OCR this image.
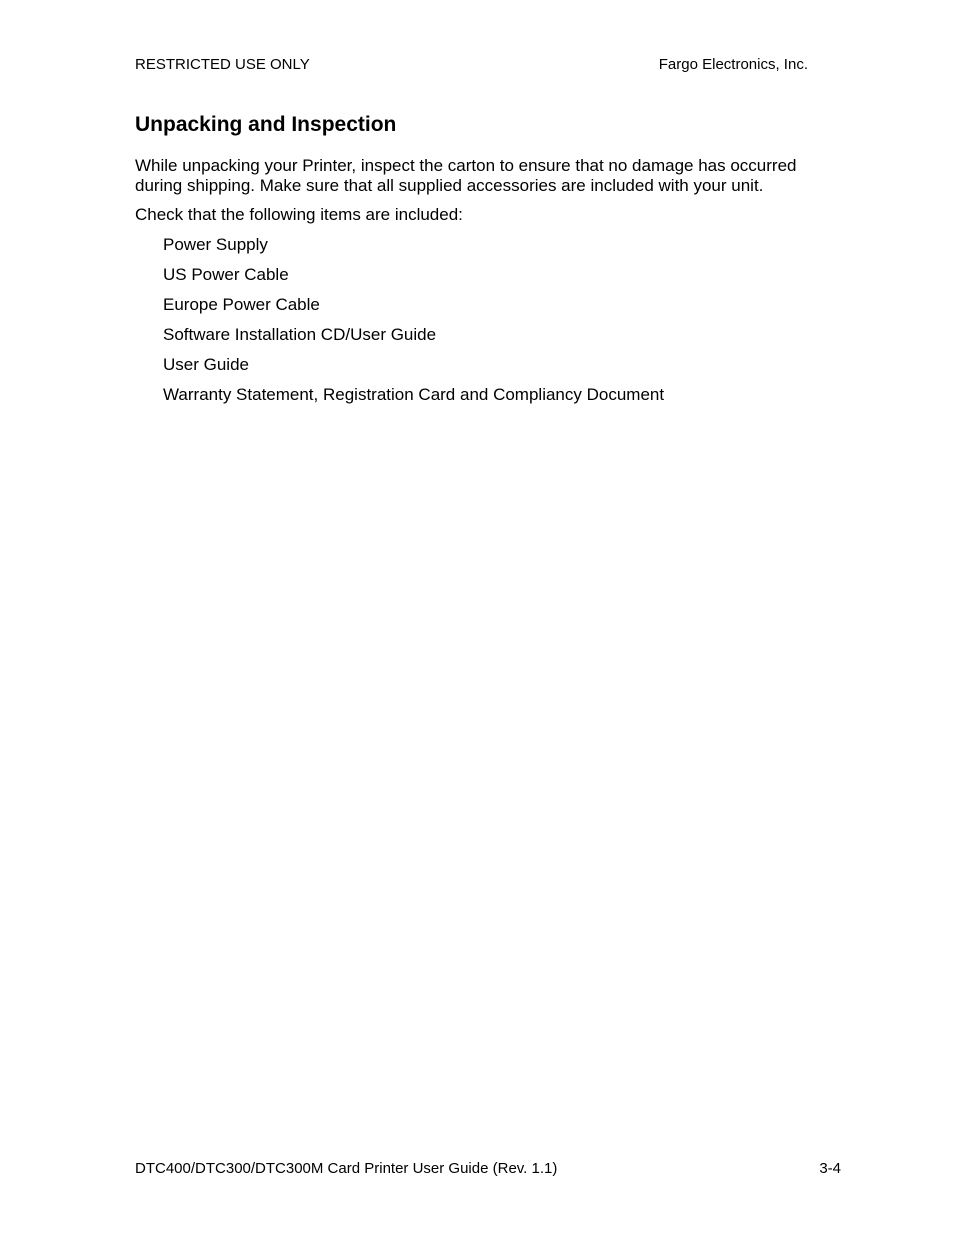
RESTRICTED USE ONLY	Fargo Electronics, Inc.
Unpacking and Inspection

While unpacking your Printer, inspect the carton to ensure that no damage has occurred during shipping. Make sure that all supplied accessories are included with your unit.

Check that the following items are included:

Power Supply
US Power Cable
Europe Power Cable
Software Installation CD/User Guide
User Guide
Warranty Statement, Registration Card and Compliancy Document
DTC400/DTC300/DTC300M Card Printer User Guide (Rev. 1.1)	3-4
